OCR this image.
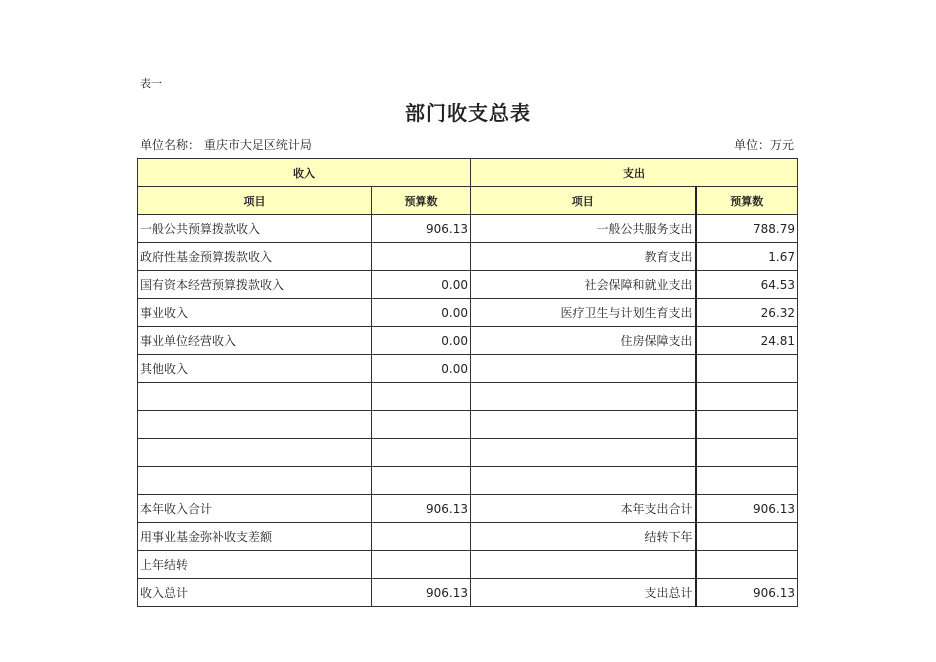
表一
部门收支总表
单位名称： 重庆市大足区统计局	单位：万元
收入		支出	
项目	预算数	项目	预算数
一般公共预算拨款收入	906.13	一般公共服务支出	788.79
政府性基金预算拨款收入		教育支出	1.67
国有资本经营预算拨款收入	0.00	社会保障和就业支出	64.53
事业收入	0.00	医疗卫生与计划生育支出	26.32
事业单位经营收入	0.00	住房保障支出	24.81
其他收入	0.00		

本年收入合计	906.13	本年支出合计	906.13
用事业基金弥补收支差额		结转下年	
上年结转			
收入总计	906.13	支出总计	906.13
